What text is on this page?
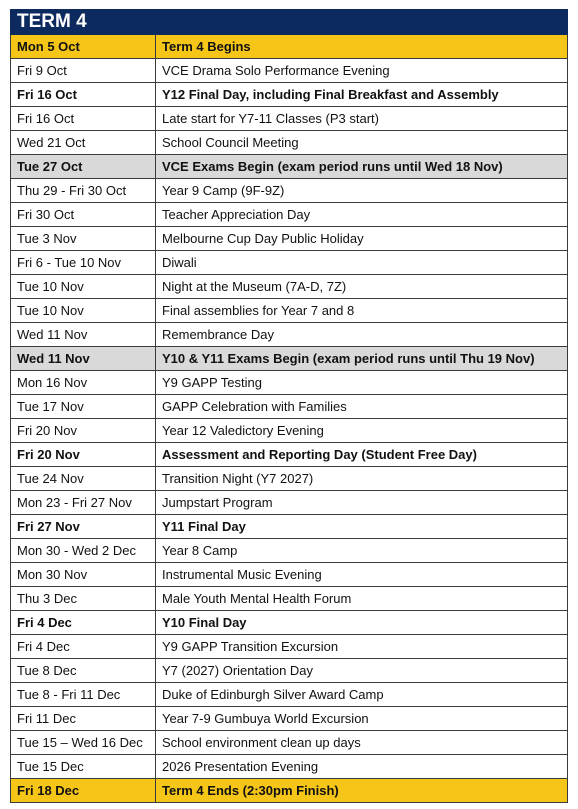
TERM 4	
Mon 5 Oct	Term 4 Begins
Fri 9 Oct	VCE Drama Solo Performance Evening
Fri 16 Oct	Y12 Final Day, including Final Breakfast and Assembly
Fri 16 Oct	Late start for Y7-11 Classes (P3 start)
Wed 21 Oct	School Council Meeting
Tue 27 Oct	VCE Exams Begin (exam period runs until Wed 18 Nov)
Thu 29 - Fri 30 Oct	Year 9 Camp (9F-9Z)
Fri 30 Oct	Teacher Appreciation Day
Tue 3 Nov	Melbourne Cup Day Public Holiday
Fri 6 - Tue 10 Nov	Diwali
Tue 10 Nov	Night at the Museum (7A-D, 7Z)
Tue 10 Nov	Final assemblies for Year 7 and 8
Wed 11 Nov	Remembrance Day
Wed 11 Nov	Y10 & Y11 Exams Begin (exam period runs until Thu 19 Nov)
Mon 16 Nov	Y9 GAPP Testing
Tue 17 Nov	GAPP Celebration with Families
Fri 20 Nov	Year 12 Valedictory Evening
Fri 20 Nov	Assessment and Reporting Day (Student Free Day)
Tue 24 Nov	Transition Night (Y7 2027)
Mon 23 - Fri 27 Nov	Jumpstart Program
Fri 27 Nov	Y11 Final Day
Mon 30 - Wed 2 Dec	Year 8 Camp
Mon 30 Nov	Instrumental Music Evening
Thu 3 Dec	Male Youth Mental Health Forum
Fri 4 Dec	Y10 Final Day
Fri 4 Dec	Y9 GAPP Transition Excursion
Tue 8 Dec	Y7 (2027) Orientation Day
Tue 8 - Fri 11 Dec	Duke of Edinburgh Silver Award Camp
Fri 11 Dec	Year 7-9 Gumbuya World Excursion
Tue 15 – Wed 16 Dec	School environment clean up days
Tue 15 Dec	2026 Presentation Evening
Fri 18 Dec	Term 4 Ends (2:30pm Finish)
